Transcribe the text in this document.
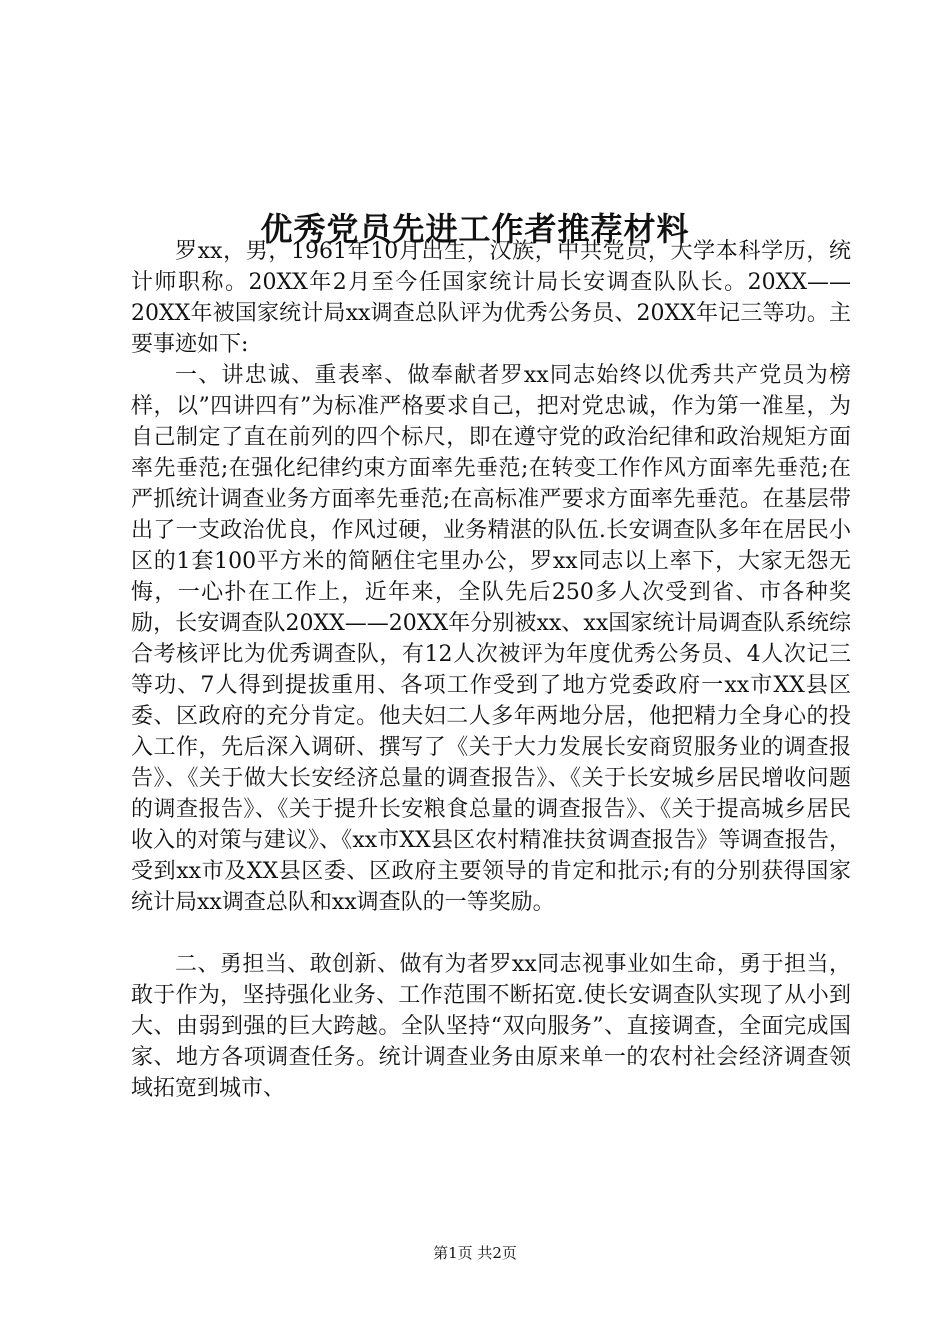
优秀党员先进工作者推荐材料

罗xx，男，1961年10月出生，汉族，中共党员，大学本科学历，统计师职称。20XX年2月至今任国家统计局长安调查队队长。20XX——20XX年被国家统计局xx调查总队评为优秀公务员、20XX年记三等功。主要事迹如下:

一、讲忠诚、重表率、做奉献者罗xx同志始终以优秀共产党员为榜样，以”四讲四有”为标准严格要求自己，把对党忠诚，作为第一准星，为自己制定了直在前列的四个标尺，即在遵守党的政治纪律和政治规矩方面率先垂范;在强化纪律约束方面率先垂范;在转变工作作风方面率先垂范;在严抓统计调查业务方面率先垂范;在高标准严要求方面率先垂范。在基层带出了一支政治优良，作风过硬，业务精湛的队伍.长安调查队多年在居民小区的1套100平方米的简陋住宅里办公，罗xx同志以上率下，大家无怨无悔，一心扑在工作上，近年来，全队先后250多人次受到省、市各种奖励，长安调查队20XX——20XX年分别被xx、xx国家统计局调查队系统综合考核评比为优秀调查队，有12人次被评为年度优秀公务员、4人次记三等功、7人得到提拔重用、各项工作受到了地方党委政府一xx市XX县区委、区政府的充分肯定。他夫妇二人多年两地分居，他把精力全身心的投入工作，先后深入调研、撰写了《关于大力发展长安商贸服务业的调查报告》、《关于做大长安经济总量的调查报告》、《关于长安城乡居民增收问题的调查报告》、《关于提升长安粮食总量的调查报告》、《关于提高城乡居民收入的对策与建议》、《xx市XX县区农村精准扶贫调查报告》等调查报告，受到xx市及XX县区委、区政府主要领导的肯定和批示;有的分别获得国家统计局xx调查总队和xx调查队的一等奖励。

二、勇担当、敢创新、做有为者罗xx同志视事业如生命，勇于担当，敢于作为，坚持强化业务、工作范围不断拓宽.使长安调查队实现了从小到大、由弱到强的巨大跨越。全队坚持“双向服务”、直接调查，全面完成国家、地方各项调查任务。统计调查业务由原来单一的农村社会经济调查领域拓宽到城市、

第1页 共2页
